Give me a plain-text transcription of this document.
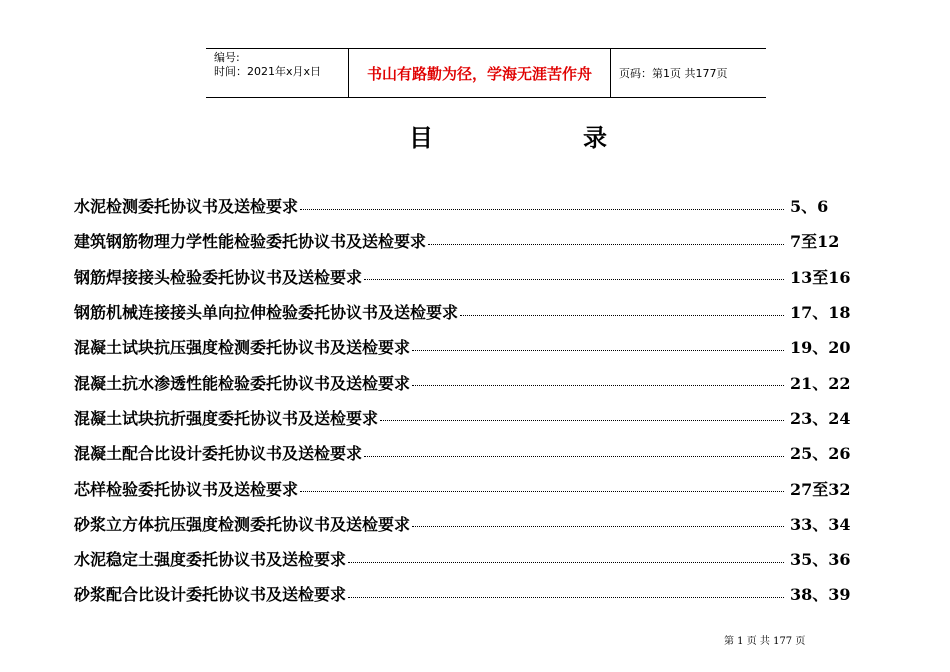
编号:
时间：2021年x月x日	书山有路勤为径，学海无涯苦作舟 页码：第1页 共177页
目	录
水泥检测委托协议书及送检要求	5、6
建筑钢筋物理力学性能检验委托协议书及送检要求	7至12
钢筋焊接接头检验委托协议书及送检要求	13至16
钢筋机械连接接头单向拉伸检验委托协议书及送检要求	17、18
混凝土试块抗压强度检测委托协议书及送检要求	19、20
混凝土抗水渗透性能检验委托协议书及送检要求	21、22
混凝土试块抗折强度委托协议书及送检要求	23、24
混凝土配合比设计委托协议书及送检要求	25、26
芯样检验委托协议书及送检要求	27至32
砂浆立方体抗压强度检测委托协议书及送检要求	33、34
水泥稳定土强度委托协议书及送检要求	35、36
砂浆配合比设计委托协议书及送检要求	38、39
第 1 页 共 177 页
